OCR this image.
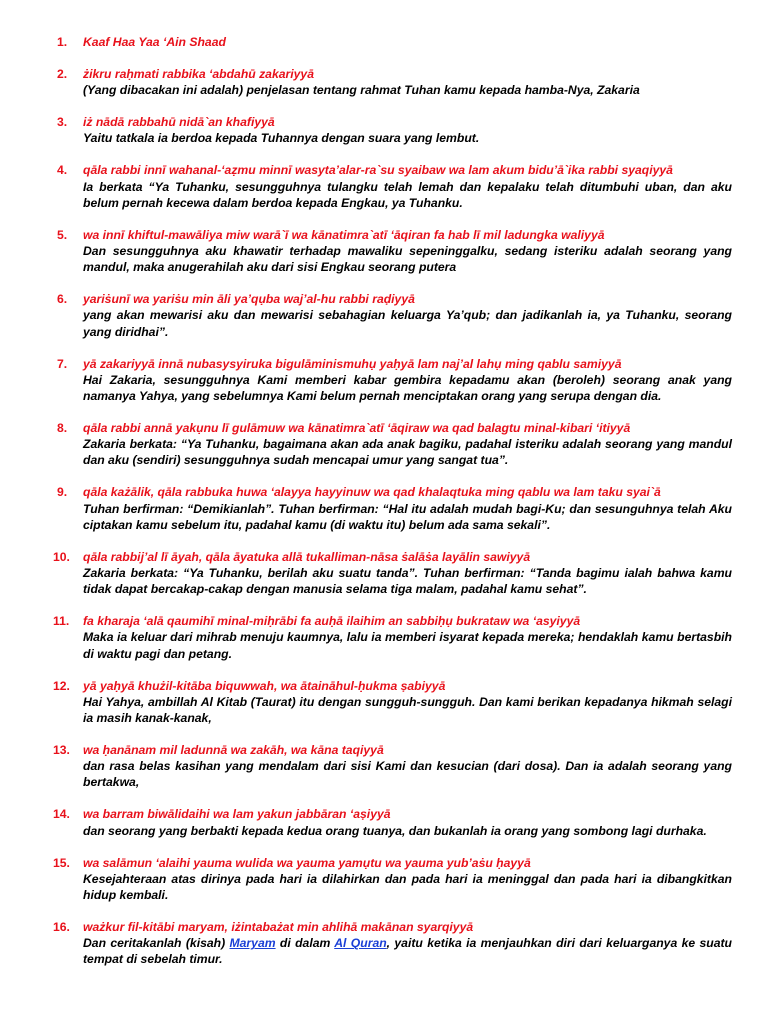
1.	Kaaf Haa Yaa ‘Ain Shaad

2.	żikru raḥmati rabbika ‘abdahū zakariyyā

(Yang dibacakan ini adalah) penjelasan tentang rahmat Tuhan kamu kepada hamba-Nya, Zakaria

3.	iż nādā rabbahū nidā`an khafiyyā

Yaitu tatkala ia berdoa kepada Tuhannya dengan suara yang lembut.

4.	qāla rabbi innī wahanal-‘aẓmu minnī wasyta’alar-ra`su syaibaw wa lam akum bidu’ā`ika rabbi syaqiyyā

Ia berkata “Ya Tuhanku, sesungguhnya tulangku telah lemah dan kepalaku telah ditumbuhi uban, dan aku belum pernah kecewa dalam berdoa kepada Engkau, ya Tuhanku.

5.	wa innī khiftul-mawāliya miw warā`ī wa kānatimra`atī ‘āqiran fa hab lī mil ladungka waliyyā

Dan sesungguhnya aku khawatir terhadap mawaliku sepeninggalku, sedang isteriku adalah seorang yang mandul, maka anugerahilah aku dari sisi Engkau seorang putera

6.	yariṡunī wa yariṡu min āli ya’qụba waj’al-hu rabbi raḍiyyā

yang akan mewarisi aku dan mewarisi sebahagian keluarga Ya’qub; dan jadikanlah ia, ya Tuhanku, seorang yang diridhai”.

7.	yā zakariyyā innā nubasysyiruka bigulāminismuhụ yaḥyā lam naj’al lahụ ming qablu samiyyā

Hai Zakaria, sesungguhnya Kami memberi kabar gembira kepadamu akan (beroleh) seorang anak yang namanya Yahya, yang sebelumnya Kami belum pernah menciptakan orang yang serupa dengan dia.

8.	qāla rabbi annā yakụnu lī gulāmuw wa kānatimra`atī ‘āqiraw wa qad balagtu minal-kibari ‘itiyyā

Zakaria berkata: “Ya Tuhanku, bagaimana akan ada anak bagiku, padahal isteriku adalah seorang yang mandul dan aku (sendiri) sesungguhnya sudah mencapai umur yang sangat tua”.

9.	qāla każālik, qāla rabbuka huwa ‘alayya hayyinuw wa qad khalaqtuka ming qablu wa lam taku syai`ā

Tuhan berfirman: “Demikianlah”. Tuhan berfirman: “Hal itu adalah mudah bagi-Ku; dan sesunguhnya telah Aku ciptakan kamu sebelum itu, padahal kamu (di waktu itu) belum ada sama sekali”.

10.	qāla rabbij’al lī āyah, qāla āyatuka allā tukalliman-nāsa ṡalāṡa layālin sawiyyā

Zakaria berkata: “Ya Tuhanku, berilah aku suatu tanda”. Tuhan berfirman: “Tanda bagimu ialah bahwa kamu tidak dapat bercakap-cakap dengan manusia selama tiga malam, padahal kamu sehat”.

11.	fa kharaja ‘alā qaumihī minal-miḥrābi fa auḥā ilaihim an sabbiḥụ bukrataw wa ‘asyiyyā

Maka ia keluar dari mihrab menuju kaumnya, lalu ia memberi isyarat kepada mereka; hendaklah kamu bertasbih di waktu pagi dan petang.

12.	yā yaḥyā khużil-kitāba biquwwah, wa ātaināhul-ḥukma ṣabiyyā

Hai Yahya, ambillah Al Kitab (Taurat) itu dengan sungguh-sungguh. Dan kami berikan kepadanya hikmah selagi ia masih kanak-kanak,

13.	wa ḥanānam mil ladunnā wa zakāh, wa kāna taqiyyā

dan rasa belas kasihan yang mendalam dari sisi Kami dan kesucian (dari dosa). Dan ia adalah seorang yang bertakwa,

14.	wa barram biwālidaihi wa lam yakun jabbāran ‘aṣiyyā

dan seorang yang berbakti kepada kedua orang tuanya, dan bukanlah ia orang yang sombong lagi durhaka.

15.	wa salāmun ‘alaihi yauma wulida wa yauma yamụtu wa yauma yub’aṡu ḥayyā

Kesejahteraan atas dirinya pada hari ia dilahirkan dan pada hari ia meninggal dan pada hari ia dibangkitkan hidup kembali.

16.	ważkur fil-kitābi maryam, iżintabażat min ahlihā makānan syarqiyyā

Dan ceritakanlah (kisah) Maryam di dalam Al Quran, yaitu ketika ia menjauhkan diri dari keluarganya ke suatu tempat di sebelah timur.
